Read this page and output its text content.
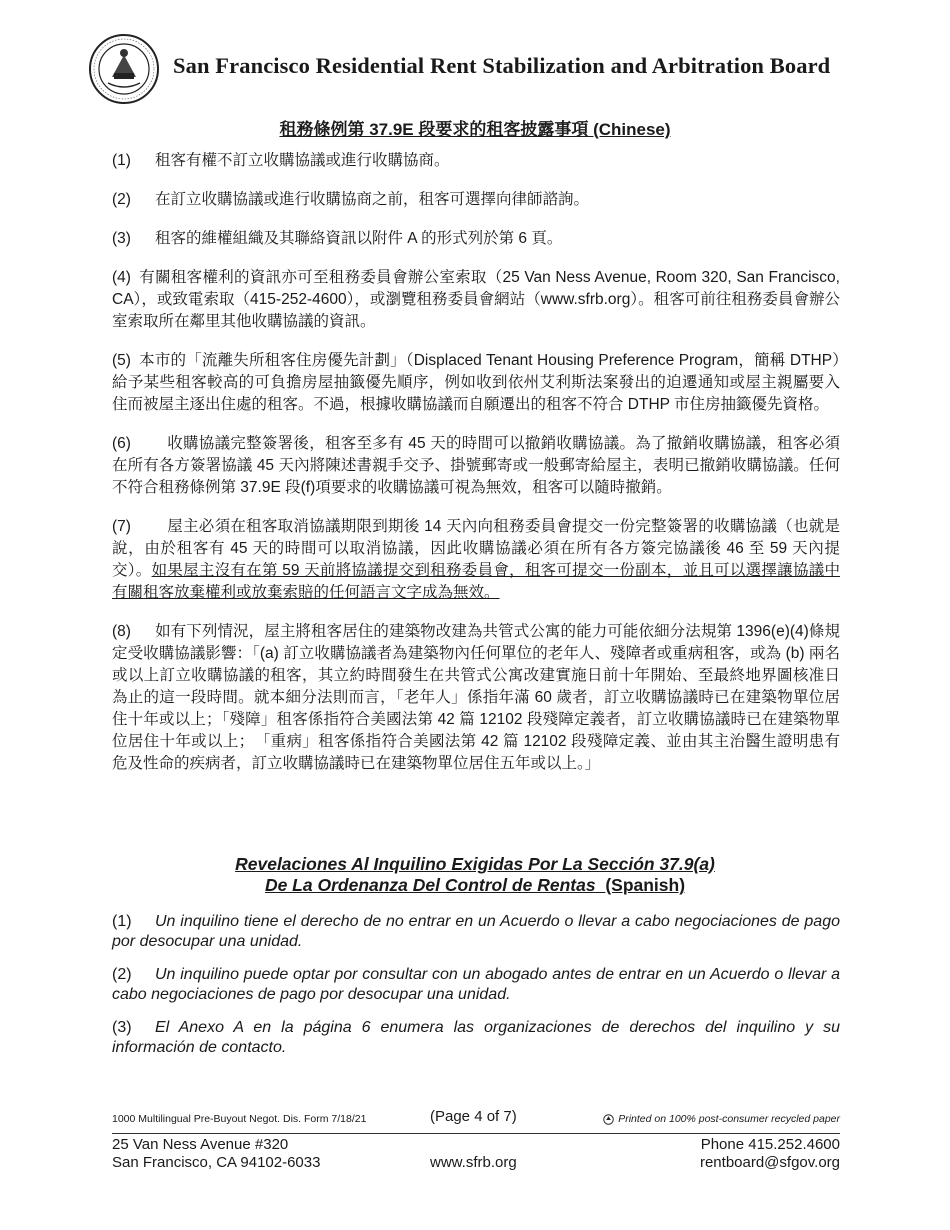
San Francisco Residential Rent Stabilization and Arbitration Board
租務條例第 37.9E 段要求的租客披露事項 (Chinese)

(1) 租客有權不訂立收購協議或進行收購協商。

(2) 在訂立收購協議或進行收購協商之前，租客可選擇向律師諮詢。

(3) 租客的維權組織及其聯絡資訊以附件 A 的形式列於第 6 頁。

(4) 有關租客權利的資訊亦可至租務委員會辦公室索取（25 Van Ness Avenue, Room 320, San Francisco, CA），或致電索取（415-252-4600），或瀏覽租務委員會網站（www.sfrb.org）。租客可前往租務委員會辦公室索取所在鄰里其他收購協議的資訊。

(5) 本市的「流離失所租客住房優先計劃」（Displaced Tenant Housing Preference Program，簡稱 DTHP）給予某些租客較高的可負擔房屋抽籤優先順序，例如收到依州艾利斯法案發出的迫遷通知或屋主親屬要入住而被屋主逐出住處的租客。不過，根據收購協議而自願遷出的租客不符合 DTHP 市住房抽籤優先資格。

(6) 收購協議完整簽署後，租客至多有 45 天的時間可以撤銷收購協議。為了撤銷收購協議，租客必須在所有各方簽署協議 45 天內將陳述書親手交予、掛號郵寄或一般郵寄給屋主，表明已撤銷收購協議。任何不符合租務條例第 37.9E 段(f)項要求的收購協議可視為無效，租客可以隨時撤銷。

(7) 屋主必須在租客取消協議期限到期後 14 天內向租務委員會提交一份完整簽署的收購協議（也就是說，由於租客有 45 天的時間可以取消協議，因此收購協議必須在所有各方簽完協議後 46 至 59 天內提交）。如果屋主沒有在第 59 天前將協議提交到租務委員會，租客可提交一份副本，並且可以選擇讓協議中有關租客放棄權利或放棄索賠的任何語言文字成為無效。

(8) 如有下列情況，屋主將租客居住的建築物改建為共管式公寓的能力可能依細分法規第 1396(e)(4)條規定受收購協議影響：「(a) 訂立收購協議者為建築物內任何單位的老年人、殘障者或重病租客，或為 (b) 兩名或以上訂立收購協議的租客，其立約時間發生在共管式公寓改建實施日前十年開始、至最終地界圖核准日為止的這一段時間。就本細分法則而言，「老年人」係指年滿 60 歲者，訂立收購協議時已在建築物單位居住十年或以上；「殘障」租客係指符合美國法第 42 篇 12102 段殘障定義者，訂立收購協議時已在建築物單位居住十年或以上；　「重病」租客係指符合美國法第 42 篇 12102 段殘障定義、並由其主治醫生證明患有危及性命的疾病者，訂立收購協議時已在建築物單位居住五年或以上。」

Revelaciones Al Inquilino Exigidas Por La Sección 37.9(a)
De La Ordenanza Del Control de Rentas (Spanish)

(1) Un inquilino tiene el derecho de no entrar en un Acuerdo o llevar a cabo negociaciones de pago por desocupar una unidad.

(2) Un inquilino puede optar por consultar con un abogado antes de entrar en un Acuerdo o llevar a cabo negociaciones de pago por desocupar una unidad.

(3) El Anexo A en la página 6 enumera las organizaciones de derechos del inquilino y su información de contacto.

1000 Multilingual Pre-Buyout Negot. Dis. Form 7/18/21	(Page 4 of 7)	Printed on 100% post-consumer recycled paper
25 Van Ness Avenue #320
San Francisco, CA 94102-6033	www.sfrb.org
Phone 415.252.4600
rentboard@sfgov.org
